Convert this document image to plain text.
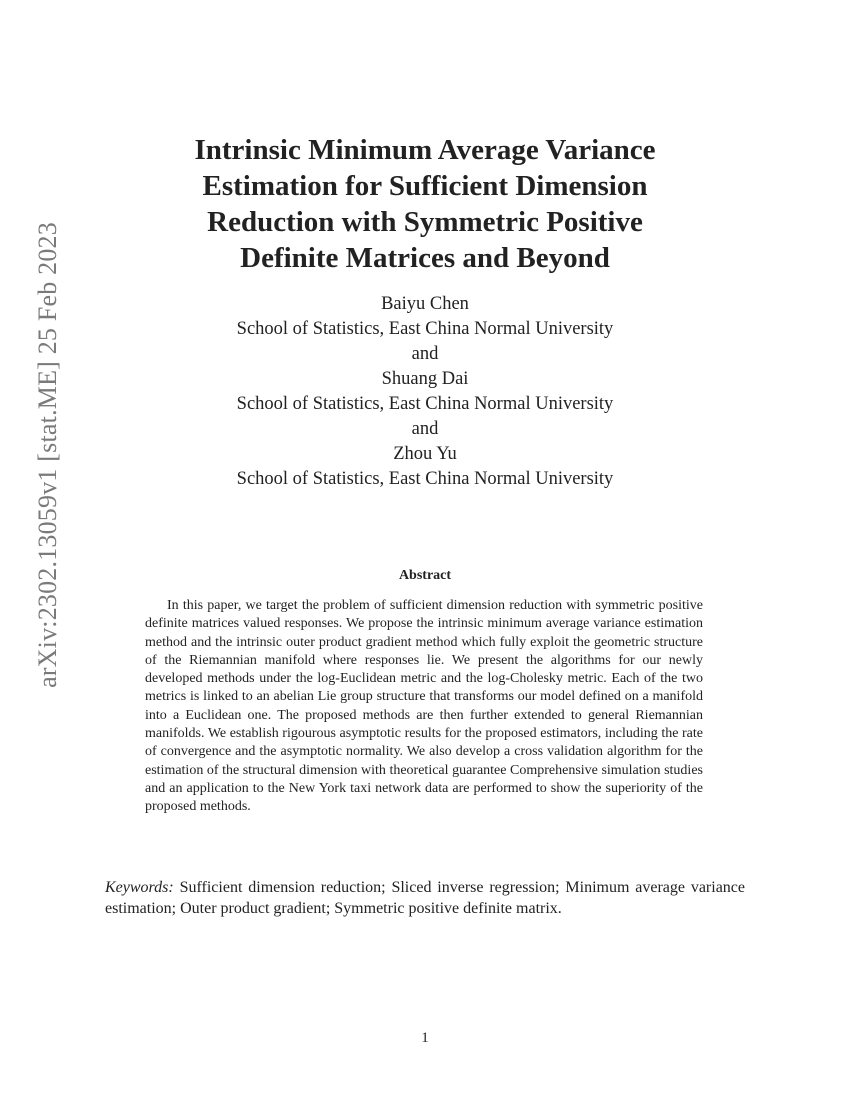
arXiv:2302.13059v1 [stat.ME] 25 Feb 2023
Intrinsic Minimum Average Variance
Estimation for Sufficient Dimension
Reduction with Symmetric Positive
Definite Matrices and Beyond
Baiyu Chen
School of Statistics, East China Normal University
and
Shuang Dai
School of Statistics, East China Normal University
and
Zhou Yu
School of Statistics, East China Normal University
Abstract

In this paper, we target the problem of sufficient dimension reduction with symmetric positive definite matrices valued responses. We propose the intrinsic minimum average variance estimation method and the intrinsic outer product gradient method which fully exploit the geometric structure of the Riemannian manifold where responses lie. We present the algorithms for our newly developed methods under the log-Euclidean metric and the log-Cholesky metric. Each of the two metrics is linked to an abelian Lie group structure that transforms our model defined on a manifold into a Euclidean one. The proposed methods are then further extended to general Riemannian manifolds. We establish rigourous asymptotic results for the proposed estimators, including the rate of convergence and the asymptotic normality. We also develop a cross validation algorithm for the estimation of the structural dimension with theoretical guarantee Comprehensive simulation studies and an application to the New York taxi network data are performed to show the superiority of the proposed methods.

Keywords: Sufficient dimension reduction; Sliced inverse regression; Minimum average variance estimation; Outer product gradient; Symmetric positive definite matrix.

1
